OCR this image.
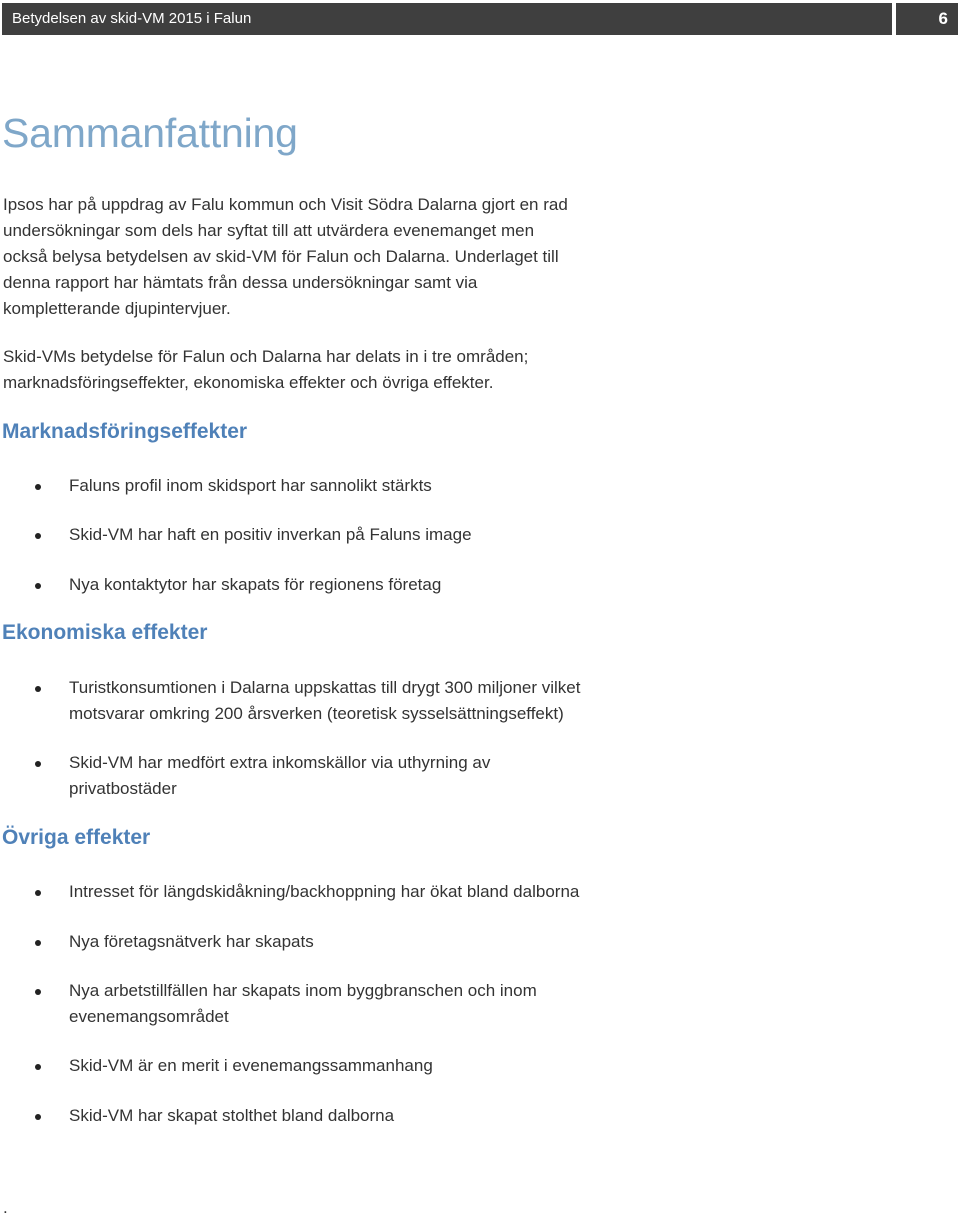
Betydelsen av skid-VM 2015 i Falun	6
Sammanfattning

Ipsos har på uppdrag av Falu kommun och Visit Södra Dalarna gjort en rad

undersökningar som dels har syftat till att utvärdera evenemanget men

också belysa betydelsen av skid-VM för Falun och Dalarna. Underlaget till

denna rapport har hämtats från dessa undersökningar samt via

kompletterande djupintervjuer.

Skid-VMs betydelse för Falun och Dalarna har delats in i tre områden;

marknadsföringseffekter, ekonomiska effekter och övriga effekter.

Marknadsföringseffekter
Faluns profil inom skidsport har sannolikt stärkts
Skid-VM har haft en positiv inverkan på Faluns image
Nya kontaktytor har skapats för regionens företag
Ekonomiska effekter
Turistkonsumtionen i Dalarna uppskattas till drygt 300 miljoner vilket
motsvarar omkring 200 årsverken (teoretisk sysselsättningseffekt)
Skid-VM har medfört extra inkomskällor via uthyrning av
privatbostäder
Övriga effekter
Intresset för längdskidåkning/backhoppning har ökat bland dalborna
Nya företagsnätverk har skapats
Nya arbetstillfällen har skapats inom byggbranschen och inom
evenemangsområdet
Skid-VM är en merit i evenemangssammanhang
Skid-VM har skapat stolthet bland dalborna
.
